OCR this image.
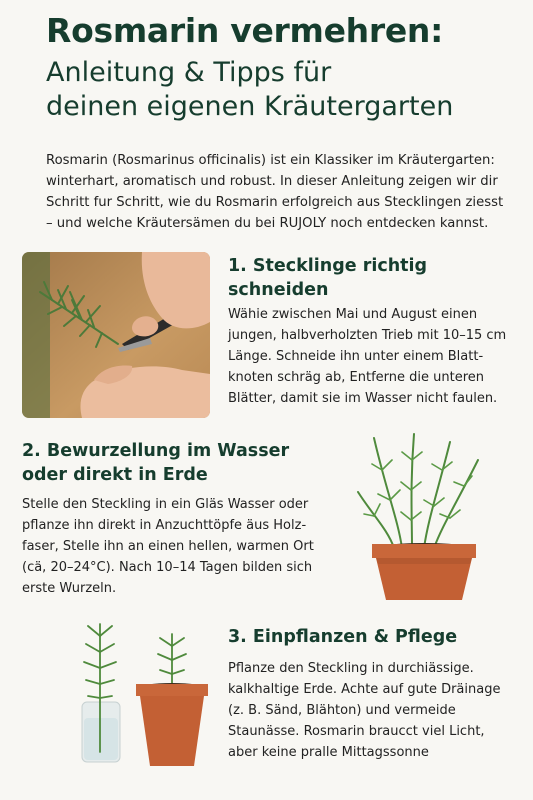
Rosmarin vermehren:
Anleitung & Tipps für
deinen eigenen Kräutergarten

Rosmarin (Rosmarinus officinalis) ist ein Klassiker im Kräutergarten: winterhart, aromatisch und robust. In dieser Anleitung zeigen wir dir Schritt fur Schritt, wie du Rosmarin erfolgreich aus Stecklingen ziesst – und welche Kräutersämen du bei RUJOLY noch entdecken kannst.

1. Stecklinge richtig schneiden
Wähie zwischen Mai und August einen jungen, halbverholzten Trieb mit 10–15 cm Länge. Schneide ihn unter einem Blatt-knoten schräg ab, Entferne die unteren Blätter, damit sie im Wasser nicht faulen.
2. Bewurzellung im Wasser oder direkt in Erde
Stelle den Steckling in ein Gläs Wasser oder pflanze ihn direkt in Anzuchttöpfe äus Holz-faser, Stelle ihn an einen hellen, warmen Ort (cä, 20–24°C). Nach 10–14 Tagen bilden sich erste Wurzeln.
3. Einpflanzen & Pflege
Pflanze den Steckling in durchiässige. kalkhaltige Erde. Achte auf gute Dräinage (z. B. Sänd, Blähton) und vermeide Staunässe. Rosmarin braucct viel Licht, aber keine pralle Mittagssonne
